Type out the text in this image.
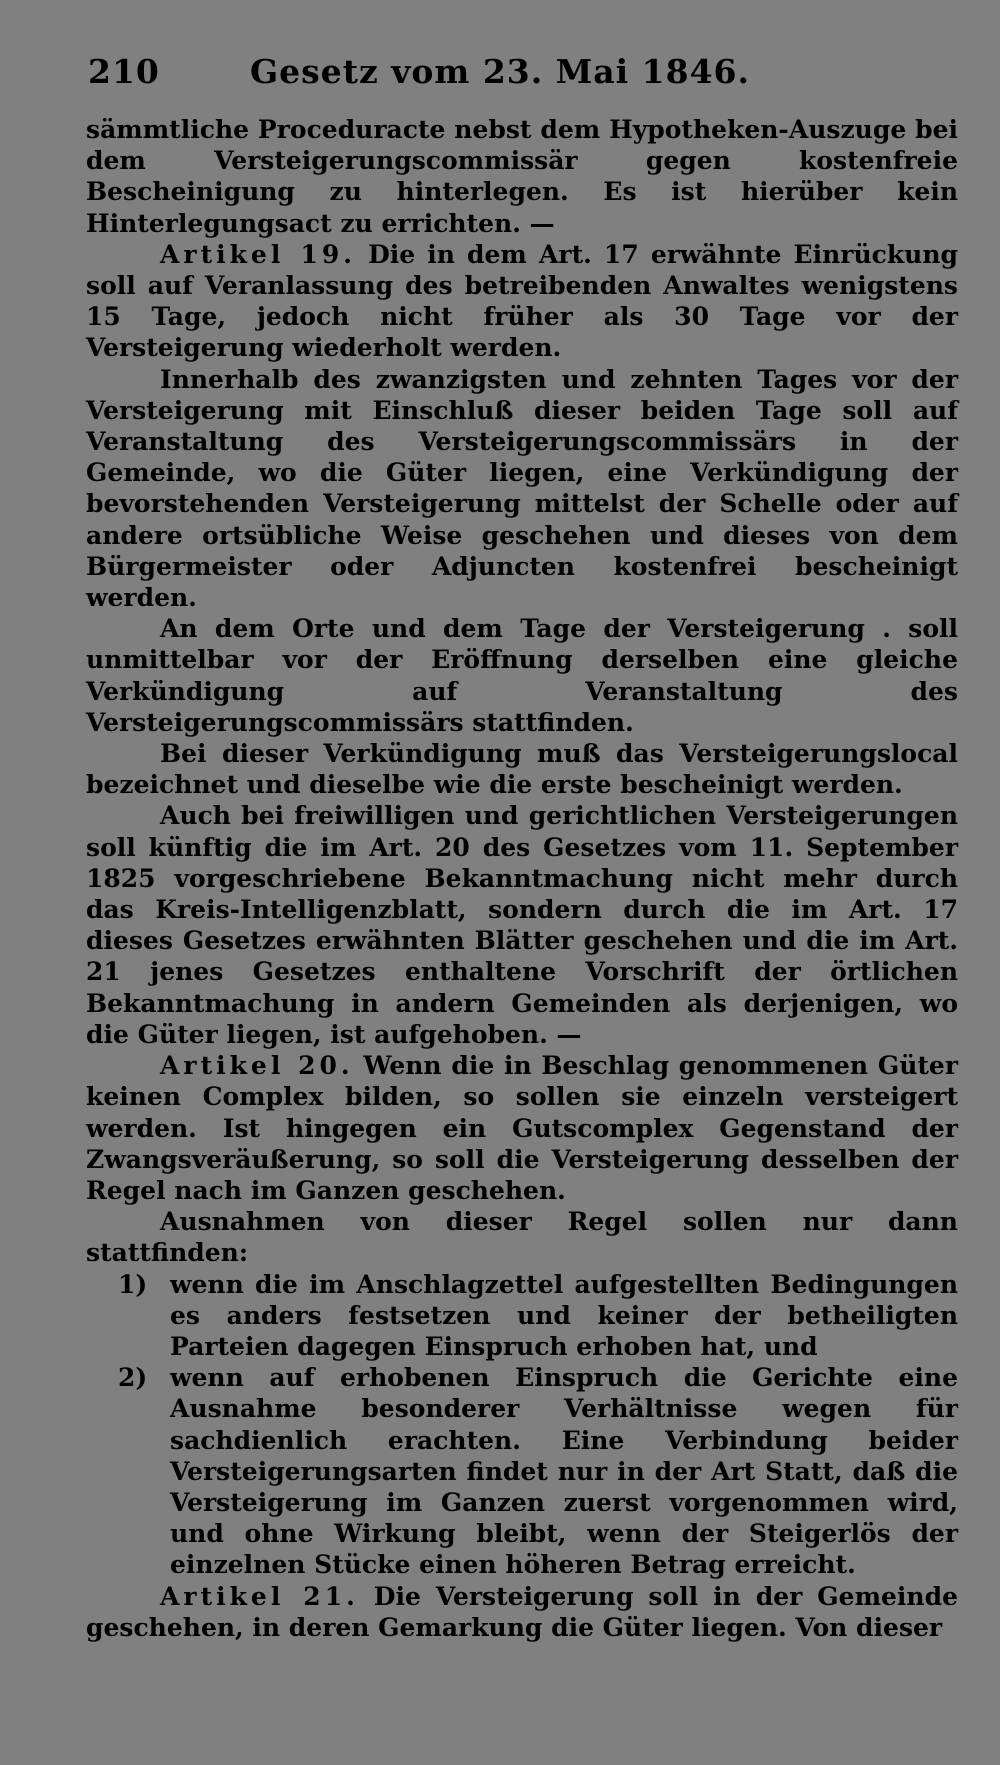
210	Gesetz vom 23. Mai 1846.

sämmtliche Proceduracte nebst dem Hypotheken-Auszuge bei dem Versteigerungscommissär gegen kostenfreie Bescheinigung zu hinterlegen. Es ist hierüber kein Hinterlegungsact zu errichten. —

Artikel 19. Die in dem Art. 17 erwähnte Einrückung soll auf Veranlassung des betreibenden Anwaltes wenigstens 15 Tage, jedoch nicht früher als 30 Tage vor der Versteigerung wiederholt werden.

Innerhalb des zwanzigsten und zehnten Tages vor der Versteigerung mit Einschluß dieser beiden Tage soll auf Veranstaltung des Versteigerungscommissärs in der Gemeinde, wo die Güter liegen, eine Verkündigung der bevorstehenden Versteigerung mittelst der Schelle oder auf andere ortsübliche Weise geschehen und dieses von dem Bürgermeister oder Adjuncten kostenfrei bescheinigt werden.

An dem Orte und dem Tage der Versteigerung . soll unmittelbar vor der Eröffnung derselben eine gleiche Verkündigung auf Veranstaltung des Versteigerungscommissärs stattfinden.

Bei dieser Verkündigung muß das Versteigerungslocal bezeichnet und dieselbe wie die erste bescheinigt werden.

Auch bei freiwilligen und gerichtlichen Versteigerungen soll künftig die im Art. 20 des Gesetzes vom 11. September 1825 vorgeschriebene Bekanntmachung nicht mehr durch das Kreis-Intelligenzblatt, sondern durch die im Art. 17 dieses Gesetzes erwähnten Blätter geschehen und die im Art. 21 jenes Gesetzes enthaltene Vorschrift der örtlichen Bekanntmachung in andern Gemeinden als derjenigen, wo die Güter liegen, ist aufgehoben. —

Artikel 20. Wenn die in Beschlag genommenen Güter keinen Complex bilden, so sollen sie einzeln versteigert werden. Ist hingegen ein Gutscomplex Gegenstand der Zwangsveräußerung, so soll die Versteigerung desselben der Regel nach im Ganzen geschehen.

Ausnahmen von dieser Regel sollen nur dann stattfinden:

1) wenn die im Anschlagzettel aufgestellten Bedingungen es anders festsetzen und keiner der betheiligten Parteien dagegen Einspruch erhoben hat, und

2) wenn auf erhobenen Einspruch die Gerichte eine Ausnahme besonderer Verhältnisse wegen für sachdienlich erachten. Eine Verbindung beider Versteigerungsarten findet nur in der Art Statt, daß die Versteigerung im Ganzen zuerst vorgenommen wird, und ohne Wirkung bleibt, wenn der Steigerlös der einzelnen Stücke einen höheren Betrag erreicht.

Artikel 21. Die Versteigerung soll in der Gemeinde geschehen, in deren Gemarkung die Güter liegen. Von dieser
